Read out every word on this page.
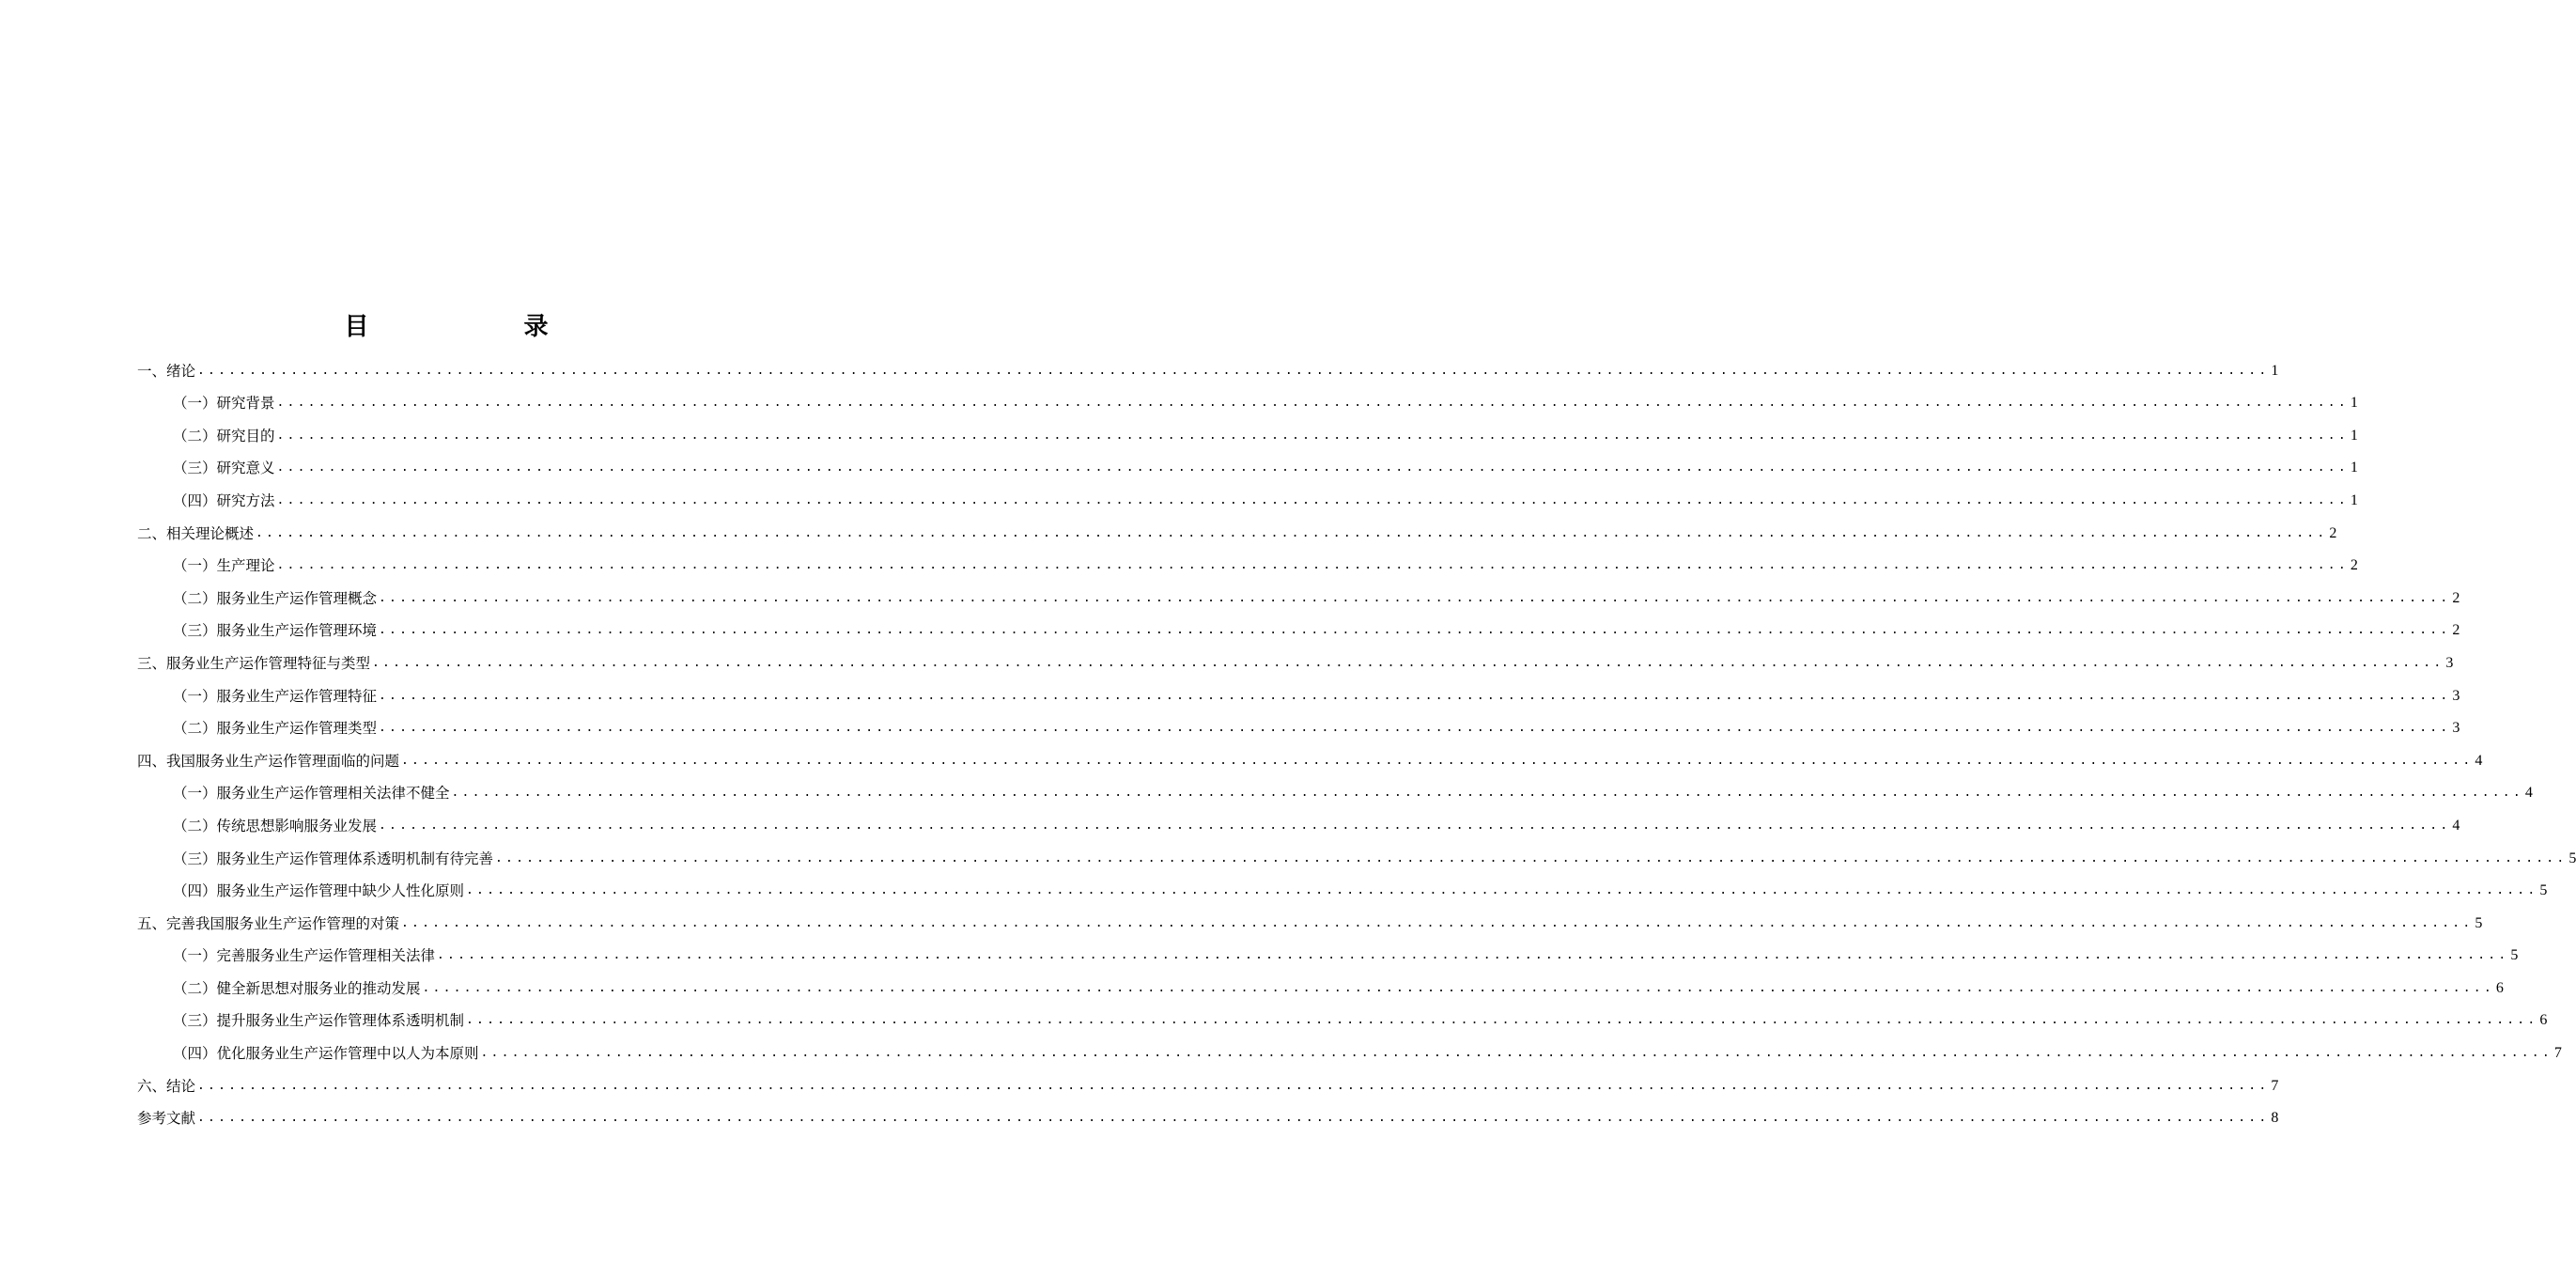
目 录
一、绪论 ........................................................................................................................................................................................................ 1
（一）研究背景 ........................................................................................................................................................................................................ 1
（二）研究目的 ........................................................................................................................................................................................................ 1
（三）研究意义 ........................................................................................................................................................................................................ 1
（四）研究方法 ........................................................................................................................................................................................................ 1
二、相关理论概述 ........................................................................................................................................................................................................ 2
（一）生产理论 ........................................................................................................................................................................................................ 2
（二）服务业生产运作管理概念 ........................................................................................................................................................................................................ 2
（三）服务业生产运作管理环境 ........................................................................................................................................................................................................ 2
三、服务业生产运作管理特征与类型 ........................................................................................................................................................................................................ 3
（一）服务业生产运作管理特征 ........................................................................................................................................................................................................ 3
（二）服务业生产运作管理类型 ........................................................................................................................................................................................................ 3
四、我国服务业生产运作管理面临的问题 ........................................................................................................................................................................................................ 4
（一）服务业生产运作管理相关法律不健全 ........................................................................................................................................................................................................ 4
（二）传统思想影响服务业发展 ........................................................................................................................................................................................................ 4
（三）服务业生产运作管理体系透明机制有待完善 ........................................................................................................................................................................................................ 5
（四）服务业生产运作管理中缺少人性化原则 ........................................................................................................................................................................................................ 5
五、完善我国服务业生产运作管理的对策 ........................................................................................................................................................................................................ 5
（一）完善服务业生产运作管理相关法律 ........................................................................................................................................................................................................ 5
（二）健全新思想对服务业的推动发展 ........................................................................................................................................................................................................ 6
（三）提升服务业生产运作管理体系透明机制 ........................................................................................................................................................................................................ 6
（四）优化服务业生产运作管理中以人为本原则 ........................................................................................................................................................................................................ 7
六、结论 ........................................................................................................................................................................................................ 7
参考文献 ........................................................................................................................................................................................................ 8
